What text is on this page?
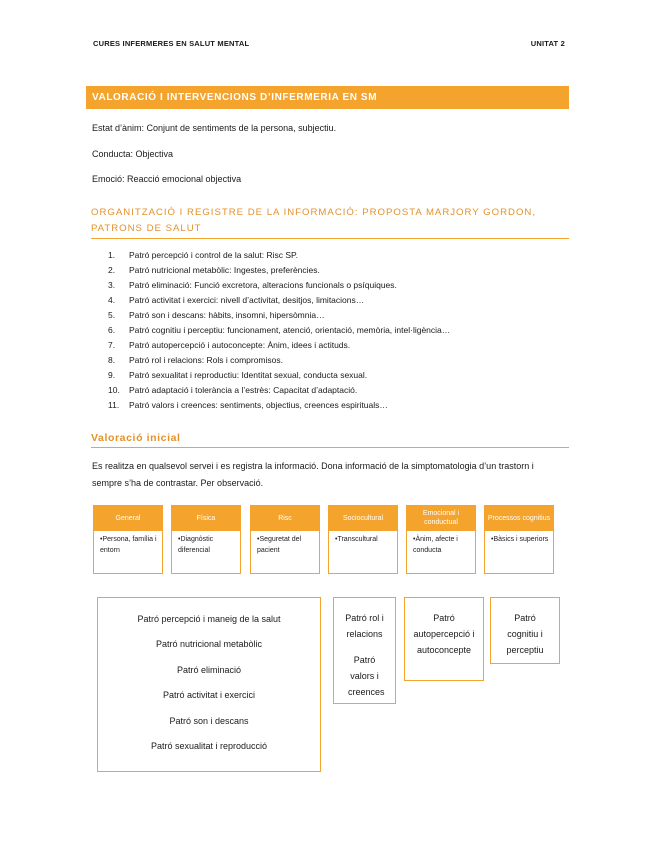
CURES INFERMERES EN SALUT MENTAL	UNITAT 2
VALORACIÓ I INTERVENCIONS D’INFERMERIA EN SM
Estat d’ànim: Conjunt de sentiments de la persona, subjectiu.
Conducta: Objectiva
Emoció: Reacció emocional objectiva
ORGANITZACIÓ I REGISTRE DE LA INFORMACIÓ: PROPOSTA MARJORY GORDON, PATRONS DE SALUT
1. Patró percepció i control de la salut: Risc SP.
2. Patró nutricional metabòlic: Ingestes, preferències.
3. Patró eliminació: Funció excretora, alteracions funcionals o psíquiques.
4. Patró activitat i exercici: nivell d’activitat, desitjos, limitacions…
5. Patró son i descans: hàbits, insomni, hipersòmnia…
6. Patró cognitiu i perceptiu: funcionament, atenció, orientació, memòria, intel·ligència…
7. Patró autopercepció i autoconcepte: Ànim, idees i actituds.
8. Patró rol i relacions: Rols i compromisos.
9. Patró sexualitat i reproductiu: Identitat sexual, conducta sexual.
10. Patró adaptació i tolerància a l’estrès: Capacitat d’adaptació.
11. Patró valors i creences: sentiments, objectius, creences espirituals…
Valoració inicial
Es realitza en qualsevol servei i es registra la informació. Dona informació de la simptomatologia d’un trastorn i sempre s’ha de contrastar. Per observació.
General
•Persona, família i entorn
Física
•Diagnòstic diferencial
Risc
•Seguretat del pacient
Sociocultural
•Transcultural
Emocional i conductual
•Ànim, afecte i conducta
Processos cognitius
•Bàsics i superiors
Patró percepció i maneig de la salut
Patró nutricional metabòlic
Patró eliminació
Patró activitat i exercici
Patró son i descans
Patró sexualitat i reproducció
Patró rol i relacions
Patró valors i creences
Patró autopercepció i autoconcepte
Patró cognitiu i perceptiu
